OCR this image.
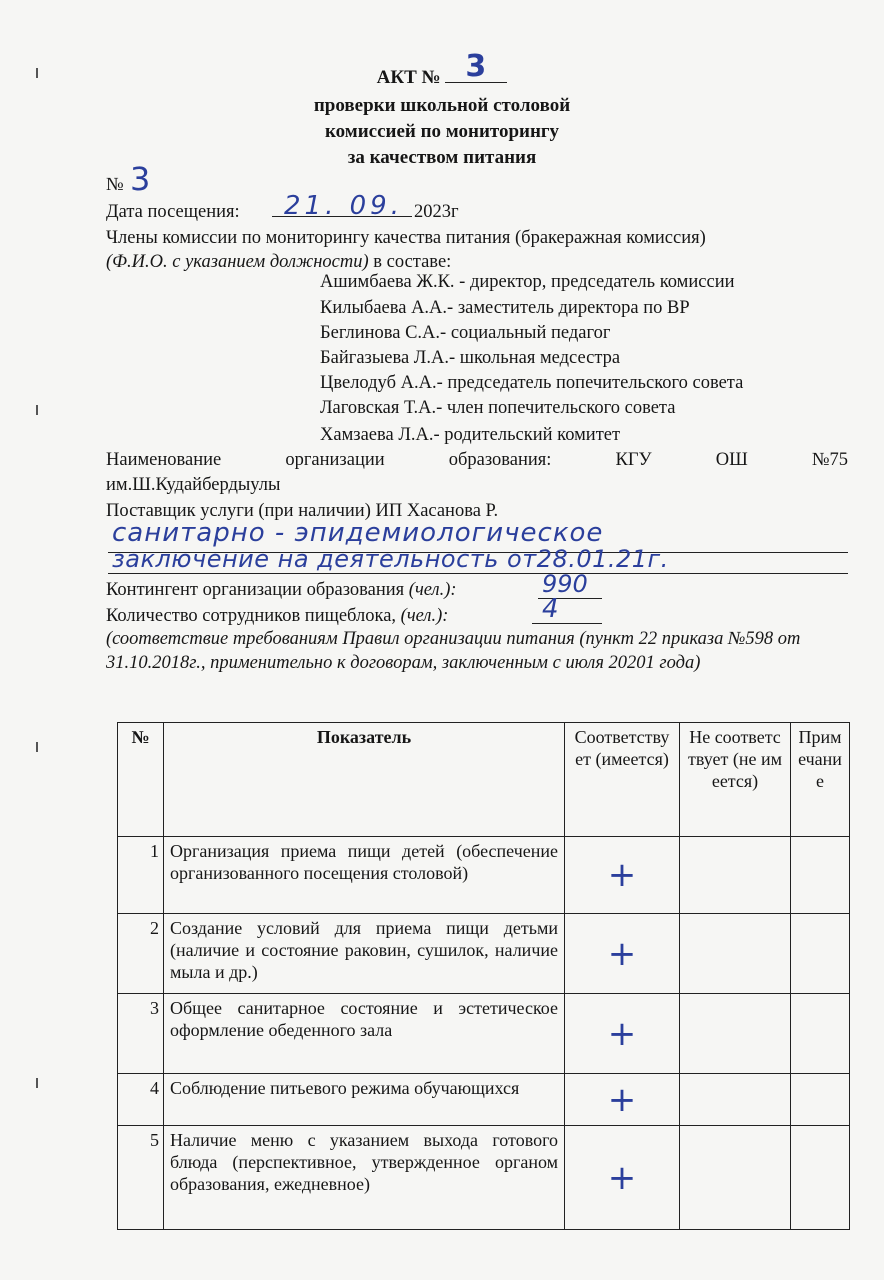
АКТ № 3
проверки школьной столовой
комиссией по мониторингу
за качеством питания
№ 3
Дата посещения: 21. 09. 2023г
Члены комиссии по мониторингу качества питания (бракеражная комиссия)
(Ф.И.О. с указанием должности) в составе:
Ашимбаева Ж.К. - директор, председатель комиссии
Килыбаева А.А.- заместитель директора по ВР
Беглинова С.А.- социальный педагог
Байгазыева Л.А.- школьная медсестра
Цвелодуб А.А.- председатель попечительского совета
Лаговская Т.А.- член попечительского совета
Хамзаева Л.А.- родительский комитет
Наименование	организации	образования:	КГУ	ОШ	№75
им.Ш.Кудайбердыулы
Поставщик услуги (при наличии) ИП Хасанова Р.
санитарно - эпидемиологическое
заключение на деятельность от28.01.21г.
Контингент организации образования (чел.):	990
Количество сотрудников пищеблока, (чел.):	4
(соответствие требованиям Правил организации питания (пункт 22 приказа №598 от 31.10.2018г., применительно к договорам, заключенным с июля 20201 года)
№	Показатель	Соответствует (имеется)	Не соответствует (не имеется)	Примечание
1	Организация приема пищи детей (обеспечение организованного посещения столовой)	+		
2	Создание условий для приема пищи детьми (наличие и состояние раковин, сушилок, наличие мыла и др.)	+		
3	Общее санитарное состояние и эстетическое оформление обеденного зала	+		
4	Соблюдение питьевого режима обучающихся	+		
5	Наличие меню с указанием выхода готового блюда (перспективное, утвержденное органом образования, ежедневное)	+		
